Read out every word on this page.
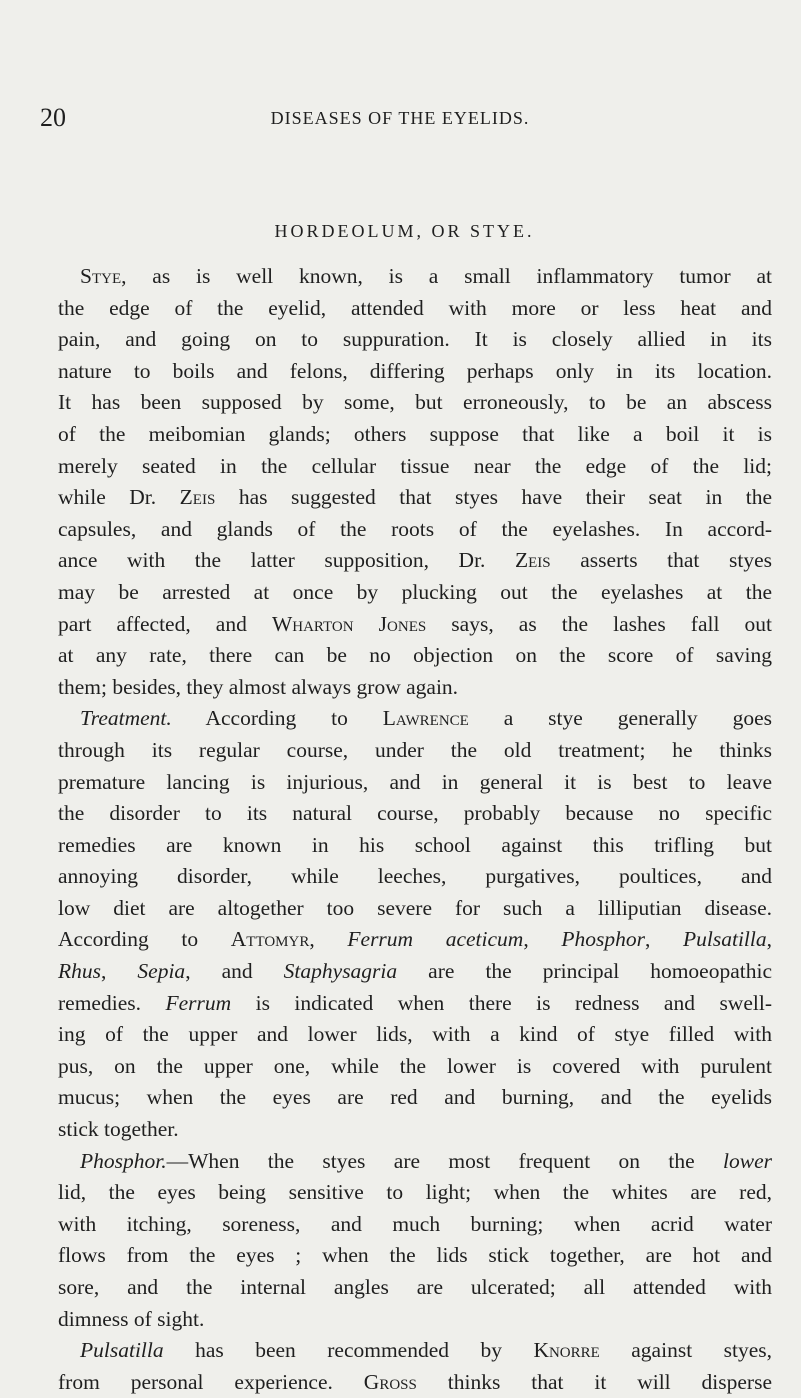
20	DISEASES OF THE EYELIDS.
HORDEOLUM, OR STYE.
Stye, as is well known, is a small inflammatory tumor at
the edge of the eyelid, attended with more or less heat and
pain, and going on to suppuration. It is closely allied in its
nature to boils and felons, differing perhaps only in its location.
It has been supposed by some, but erroneously, to be an abscess
of the meibomian glands; others suppose that like a boil it is
merely seated in the cellular tissue near the edge of the lid;
while Dr. Zeis has suggested that styes have their seat in the
capsules, and glands of the roots of the eyelashes. In accord-
ance with the latter supposition, Dr. Zeis asserts that styes
may be arrested at once by plucking out the eyelashes at the
part affected, and Wharton Jones says, as the lashes fall out
at any rate, there can be no objection on the score of saving
them; besides, they almost always grow again.
Treatment. According to Lawrence a stye generally goes
through its regular course, under the old treatment; he thinks
premature lancing is injurious, and in general it is best to leave
the disorder to its natural course, probably because no specific
remedies are known in his school against this trifling but
annoying disorder, while leeches, purgatives, poultices, and
low diet are altogether too severe for such a lilliputian disease.
According to Attomyr, Ferrum aceticum, Phosphor, Pulsatilla,
Rhus, Sepia, and Staphysagria are the principal homoeopathic
remedies. Ferrum is indicated when there is redness and swell-
ing of the upper and lower lids, with a kind of stye filled with
pus, on the upper one, while the lower is covered with purulent
mucus; when the eyes are red and burning, and the eyelids
stick together.
Phosphor.—When the styes are most frequent on the lower
lid, the eyes being sensitive to light; when the whites are red,
with itching, soreness, and much burning; when acrid water
flows from the eyes ; when the lids stick together, are hot and
sore, and the internal angles are ulcerated; all attended with
dimness of sight.
Pulsatilla has been recommended by Knorre against styes,
from personal experience. Gross thinks that it will disperse
